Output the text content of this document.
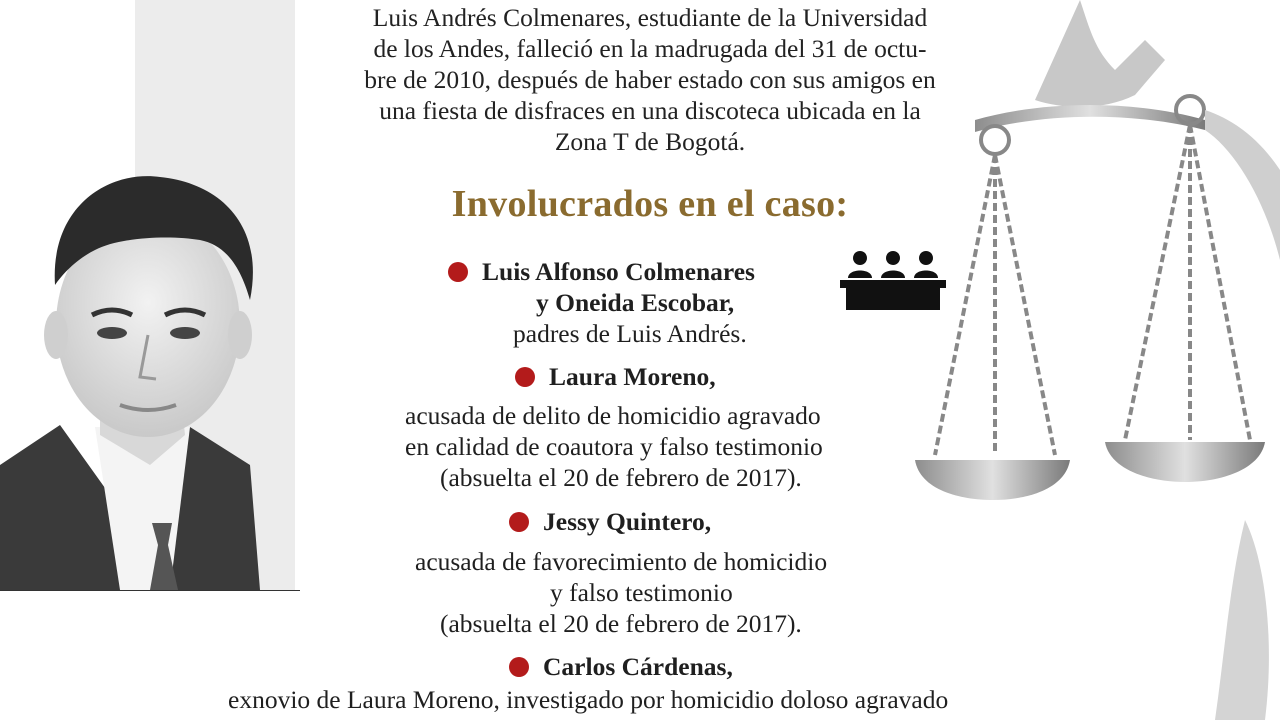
Luis Andrés Colmenares, estudiante de la Universidad
de los Andes, falleció en la madrugada del 31 de octu-
bre de 2010, después de haber estado con sus amigos en
una fiesta de disfraces en una discoteca ubicada en la
Zona T de Bogotá.

Involucrados en el caso:
Luis Alfonso Colmenares
y Oneida Escobar,
padres de Luis Andrés.
Laura Moreno,
acusada de delito de homicidio agravado
en calidad de coautora y falso testimonio
(absuelta el 20 de febrero de 2017).
Jessy Quintero,
acusada de favorecimiento de homicidio
y falso testimonio
(absuelta el 20 de febrero de 2017).
Carlos Cárdenas,
exnovio de Laura Moreno, investigado por homicidio doloso agravado
